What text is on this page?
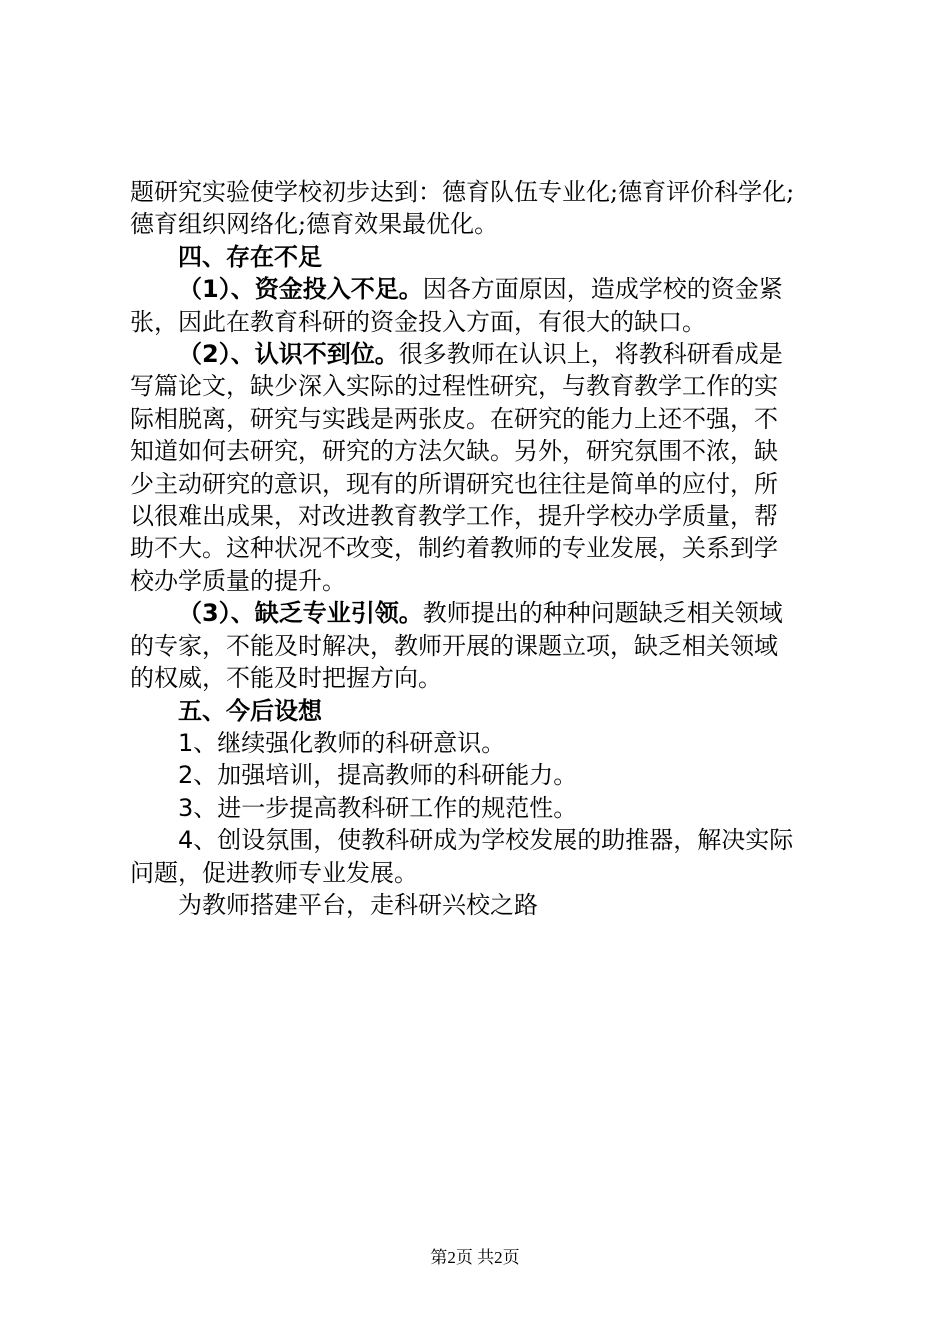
题研究实验使学校初步达到：德育队伍专业化;德育评价科学化;
德育组织网络化;德育效果最优化。
四、存在不足
（1）、资金投入不足。因各方面原因，造成学校的资金紧
张，因此在教育科研的资金投入方面，有很大的缺口。
（2）、认识不到位。很多教师在认识上，将教科研看成是
写篇论文，缺少深入实际的过程性研究，与教育教学工作的实
际相脱离，研究与实践是两张皮。在研究的能力上还不强，不
知道如何去研究，研究的方法欠缺。另外，研究氛围不浓，缺
少主动研究的意识，现有的所谓研究也往往是简单的应付，所
以很难出成果，对改进教育教学工作，提升学校办学质量，帮
助不大。这种状况不改变，制约着教师的专业发展，关系到学
校办学质量的提升。
（3）、缺乏专业引领。教师提出的种种问题缺乏相关领域
的专家，不能及时解决，教师开展的课题立项，缺乏相关领域
的权威，不能及时把握方向。
五、今后设想
1、继续强化教师的科研意识。
2、加强培训，提高教师的科研能力。
3、进一步提高教科研工作的规范性。
4、创设氛围，使教科研成为学校发展的助推器，解决实际
问题，促进教师专业发展。
为教师搭建平台，走科研兴校之路
第2页 共2页
